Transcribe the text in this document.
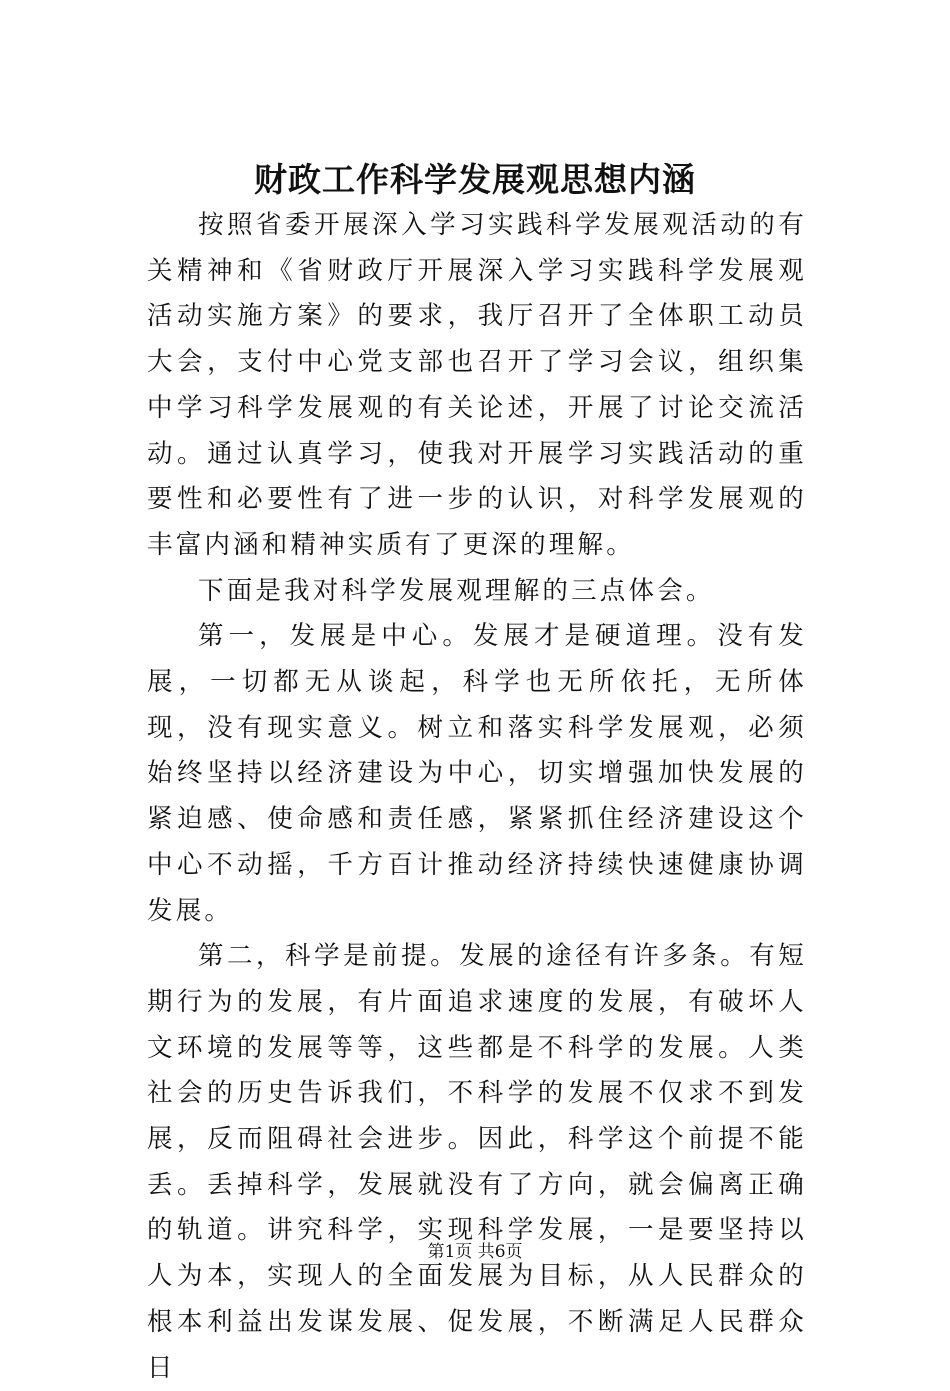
财政工作科学发展观思想内涵

按照省委开展深入学习实践科学发展观活动的有关精神和《省财政厅开展深入学习实践科学发展观活动实施方案》的要求，我厅召开了全体职工动员大会，支付中心党支部也召开了学习会议，组织集中学习科学发展观的有关论述，开展了讨论交流活动。通过认真学习，使我对开展学习实践活动的重要性和必要性有了进一步的认识，对科学发展观的丰富内涵和精神实质有了更深的理解。

下面是我对科学发展观理解的三点体会。

第一，发展是中心。发展才是硬道理。没有发展，一切都无从谈起，科学也无所依托，无所体现，没有现实意义。树立和落实科学发展观，必须始终坚持以经济建设为中心，切实增强加快发展的紧迫感、使命感和责任感，紧紧抓住经济建设这个中心不动摇，千方百计推动经济持续快速健康协调发展。

第二，科学是前提。发展的途径有许多条。有短期行为的发展，有片面追求速度的发展，有破坏人文环境的发展等等，这些都是不科学的发展。人类社会的历史告诉我们，不科学的发展不仅求不到发展，反而阻碍社会进步。因此，科学这个前提不能丢。丢掉科学，发展就没有了方向，就会偏离正确的轨道。讲究科学，实现科学发展，一是要坚持以人为本，实现人的全面发展为目标，从人民群众的根本利益出发谋发展、促发展，不断满足人民群众日

第1页 共6页
